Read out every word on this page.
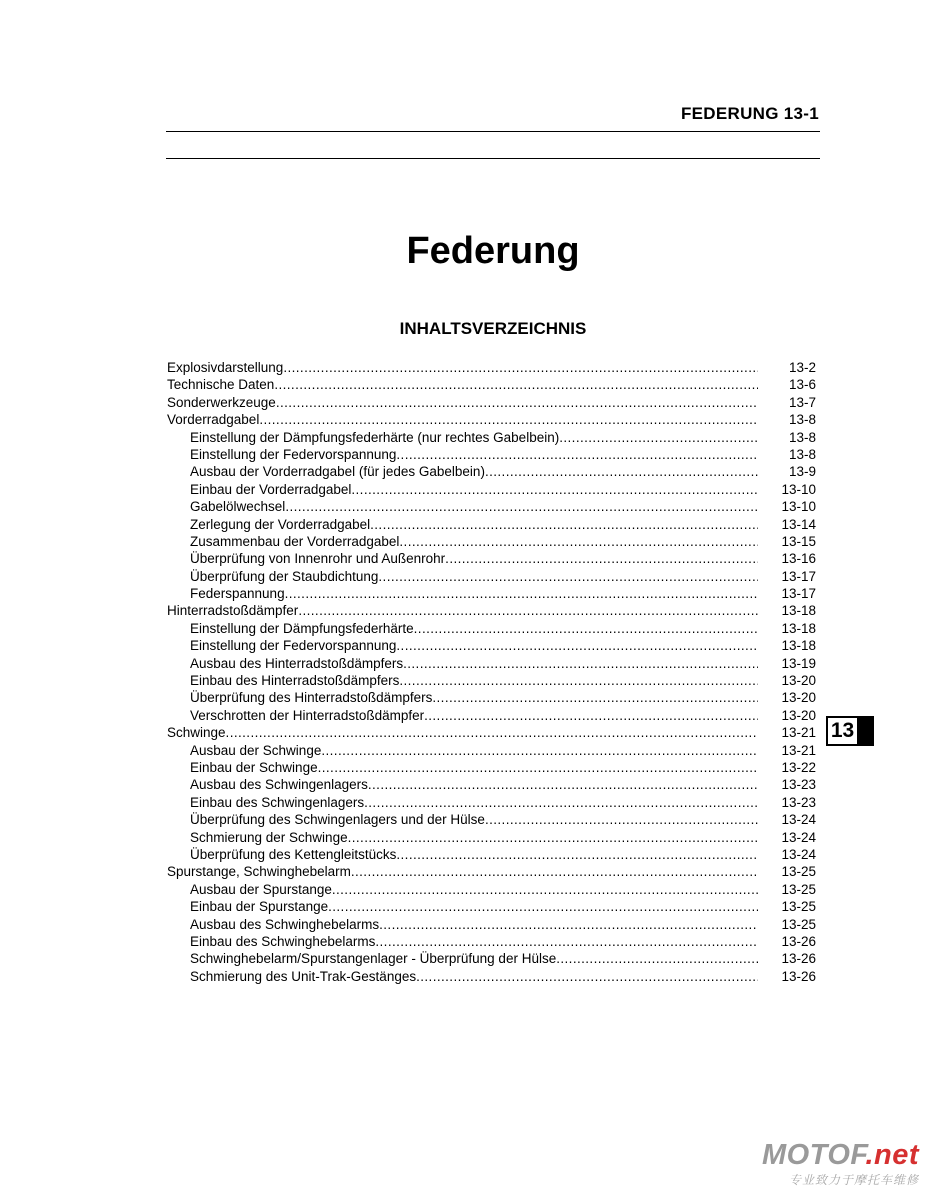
FEDERUNG 13-1
Federung
INHALTSVERZEICHNIS
Explosivdarstellung .....	13-2
Technische Daten .....	13-6
Sonderwerkzeuge .....	13-7
Vorderradgabel .....	13-8
Einstellung der Dämpfungsfederhärte (nur rechtes Gabelbein) .....	13-8
Einstellung der Federvorspannung .....	13-8
Ausbau der Vorderradgabel (für jedes Gabelbein) .....	13-9
Einbau der Vorderradgabel .....	13-10
Gabelölwechsel .....	13-10
Zerlegung der Vorderradgabel .....	13-14
Zusammenbau der Vorderradgabel .....	13-15
Überprüfung von Innenrohr und Außenrohr .....	13-16
Überprüfung der Staubdichtung .....	13-17
Federspannung .....	13-17
Hinterradstoßdämpfer .....	13-18
Einstellung der Dämpfungsfederhärte .....	13-18
Einstellung der Federvorspannung .....	13-18
Ausbau des Hinterradstoßdämpfers .....	13-19
Einbau des Hinterradstoßdämpfers .....	13-20
Überprüfung des Hinterradstoßdämpfers .....	13-20
Verschrotten der Hinterradstoßdämpfer .....	13-20
Schwinge .....	13-21
Ausbau der Schwinge .....	13-21
Einbau der Schwinge .....	13-22
Ausbau des Schwingenlagers .....	13-23
Einbau des Schwingenlagers .....	13-23
Überprüfung des Schwingenlagers und der Hülse .....	13-24
Schmierung der Schwinge .....	13-24
Überprüfung des Kettengleitstücks .....	13-24
Spurstange, Schwinghebelarm .....	13-25
Ausbau der Spurstange .....	13-25
Einbau der Spurstange .....	13-25
Ausbau des Schwinghebelarms .....	13-25
Einbau des Schwinghebelarms .....	13-26
Schwinghebelarm/Spurstangenlager - Überprüfung der Hülse .....	13-26
Schmierung des Unit-Trak-Gestänges .....	13-26
13
MOTOF.net
专业致力于摩托车维修
